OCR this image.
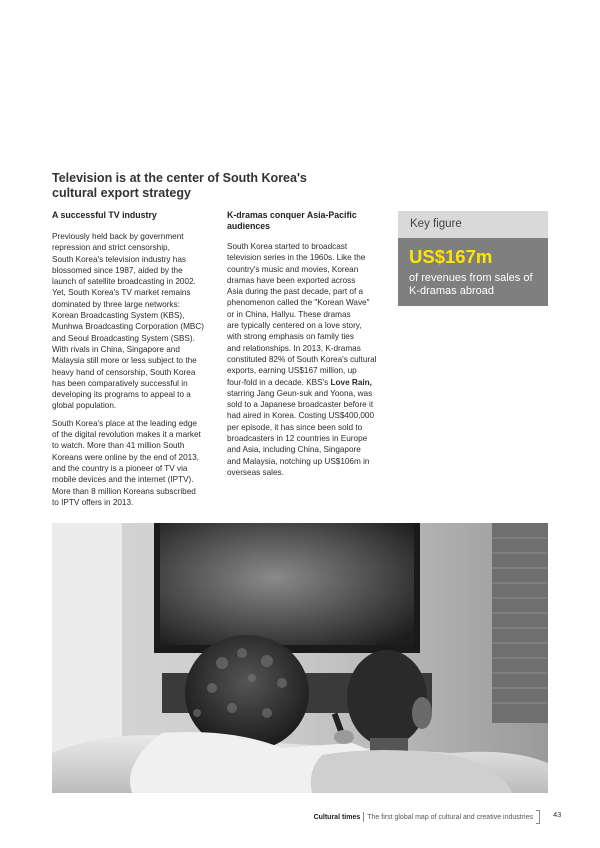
Television is at the center of South Korea's
cultural export strategy
A successful TV industry

Previously held back by government
repression and strict censorship,
South Korea's television industry has
blossomed since 1987, aided by the
launch of satellite broadcasting in 2002.
Yet, South Korea's TV market remains
dominated by three large networks:
Korean Broadcasting System (KBS),
Munhwa Broadcasting Corporation (MBC)
and Seoul Broadcasting System (SBS).
With rivals in China, Singapore and
Malaysia still more or less subject to the
heavy hand of censorship, South Korea
has been comparatively successful in
developing its programs to appeal to a
global population.

South Korea's place at the leading edge
of the digital revolution makes it a market
to watch. More than 41 million South
Koreans were online by the end of 2013,
and the country is a pioneer of TV via
mobile devices and the internet (IPTV).
More than 8 million Koreans subscribed
to IPTV offers in 2013.

K-dramas conquer Asia-Pacific
audiences

South Korea started to broadcast
television series in the 1960s. Like the
country's music and movies, Korean
dramas have been exported across
Asia during the past decade, part of a
phenomenon called the "Korean Wave"
or in China, Hallyu. These dramas
are typically centered on a love story,
with strong emphasis on family ties
and relationships. In 2013, K-dramas
constituted 82% of South Korea's cultural
exports, earning US$167 million, up
four-fold in a decade. KBS's Love Rain,
starring Jang Geun-suk and Yoona, was
sold to a Japanese broadcaster before it
had aired in Korea. Costing US$400,000
per episode, it has since been sold to
broadcasters in 12 countries in Europe
and Asia, including China, Singapore
and Malaysia, notching up US$106m in
overseas sales.

Key figure
US$167m
of revenues from sales of
K-dramas abroad
Cultural times The first global map of cultural and creative industries	43
